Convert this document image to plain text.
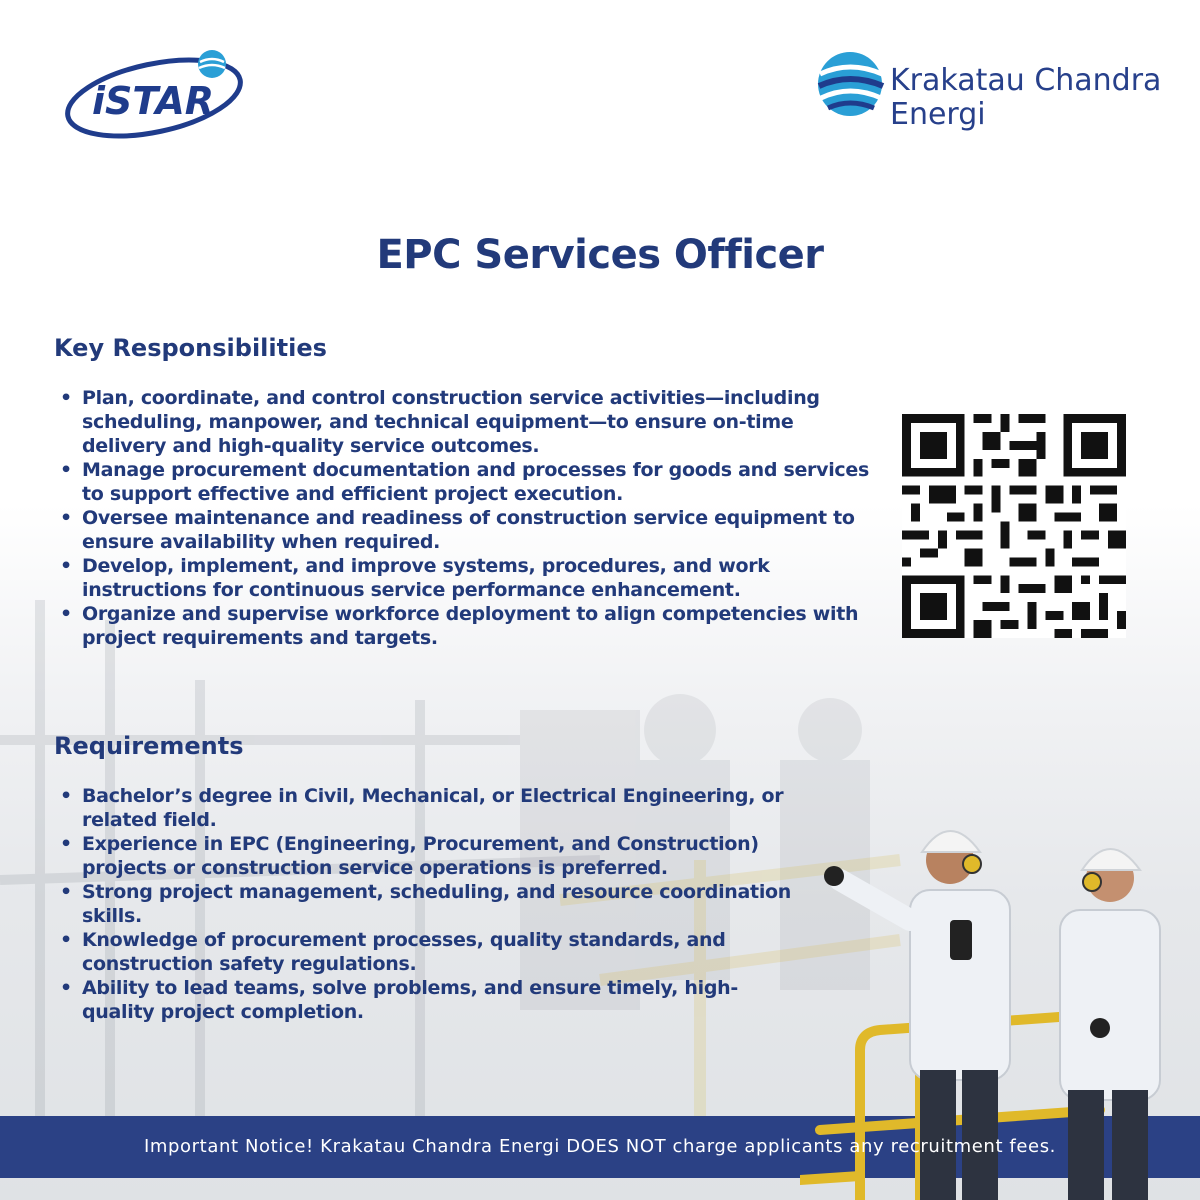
iSTAR	Krakatau Chandra
Energi
EPC Services Officer
Key Responsibilities
• Plan, coordinate, and control construction service activities—including scheduling, manpower, and technical equipment—to ensure on-time delivery and high-quality service outcomes.
• Manage procurement documentation and processes for goods and services to support effective and efficient project execution.
• Oversee maintenance and readiness of construction service equipment to ensure availability when required.
• Develop, implement, and improve systems, procedures, and work instructions for continuous service performance enhancement.
• Organize and supervise workforce deployment to align competencies with project requirements and targets.
Requirements
• Bachelor’s degree in Civil, Mechanical, or Electrical Engineering, or related field.
• Experience in EPC (Engineering, Procurement, and Construction) projects or construction service operations is preferred.
• Strong project management, scheduling, and resource coordination skills.
• Knowledge of procurement processes, quality standards, and construction safety regulations.
• Ability to lead teams, solve problems, and ensure timely, high-quality project completion.
Important Notice! Krakatau Chandra Energi DOES NOT charge applicants any recruitment fees.
